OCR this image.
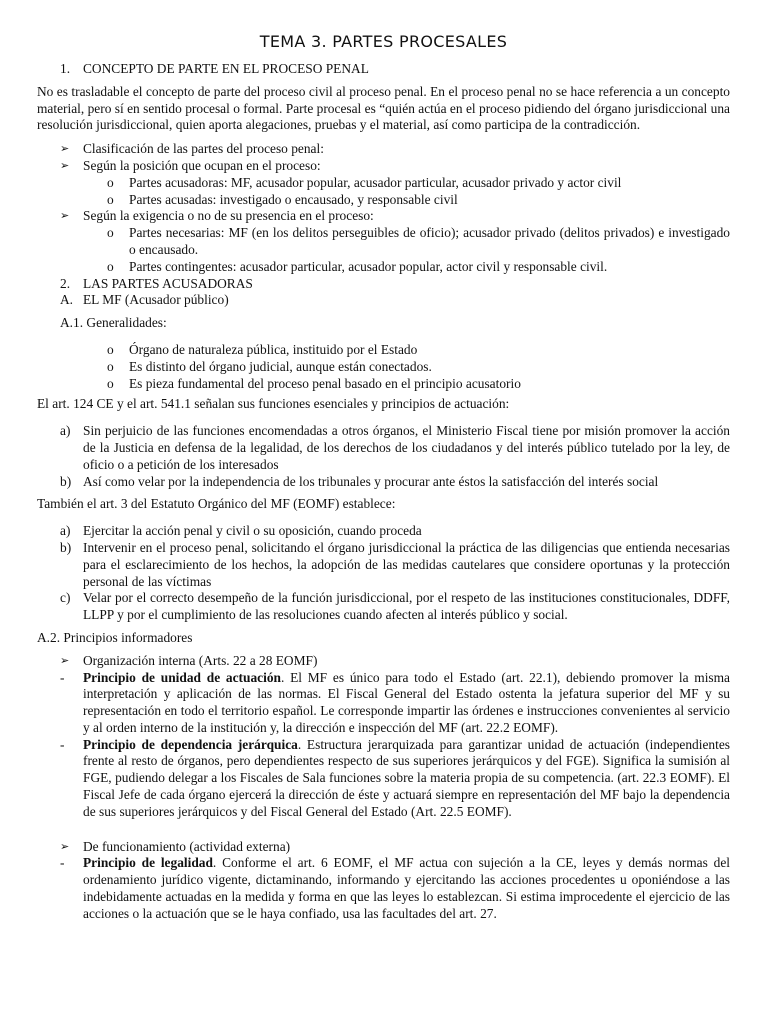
TEMA 3. PARTES PROCESALES
1. CONCEPTO DE PARTE EN EL PROCESO PENAL

No es trasladable el concepto de parte del proceso civil al proceso penal. En el proceso penal no se hace referencia a un concepto material, pero sí en sentido procesal o formal. Parte procesal es “quién actúa en el proceso pidiendo del órgano jurisdiccional una resolución jurisdiccional, quien aporta alegaciones, pruebas y el material, así como participa de la contradicción.

➢	Clasificación de las partes del proceso penal:
➢	Según la posición que ocupan en el proceso:
o	Partes acusadoras: MF, acusador popular, acusador particular, acusador privado y actor civil
o	Partes acusadas: investigado o encausado, y responsable civil
➢	Según la exigencia o no de su presencia en el proceso:
o	Partes necesarias: MF (en los delitos perseguibles de oficio); acusador privado (delitos privados) e investigado o encausado.
o	Partes contingentes: acusador particular, acusador popular, actor civil y responsable civil.
2. LAS PARTES ACUSADORAS
A. EL MF (Acusador público)

A.1. Generalidades:

o	Órgano de naturaleza pública, instituido por el Estado
o	Es distinto del órgano judicial, aunque están conectados.
o	Es pieza fundamental del proceso penal basado en el principio acusatorio

El art. 124 CE y el art. 541.1 señalan sus funciones esenciales y principios de actuación:

a) Sin perjuicio de las funciones encomendadas a otros órganos, el Ministerio Fiscal tiene por misión promover la acción de la Justicia en defensa de la legalidad, de los derechos de los ciudadanos y del interés público tutelado por la ley, de oficio o a petición de los interesados
b) Así como velar por la independencia de los tribunales y procurar ante éstos la satisfacción del interés social

También el art. 3 del Estatuto Orgánico del MF (EOMF) establece:

a) Ejercitar la acción penal y civil o su oposición, cuando proceda
b) Intervenir en el proceso penal, solicitando el órgano jurisdiccional la práctica de las diligencias que entienda necesarias para el esclarecimiento de los hechos, la adopción de las medidas cautelares que considere oportunas y la protección personal de las víctimas
c) Velar por el correcto desempeño de la función jurisdiccional, por el respeto de las instituciones constitucionales, DDFF, LLPP y por el cumplimiento de las resoluciones cuando afecten al interés público y social.

A.2. Principios informadores

➢	Organización interna (Arts. 22 a 28 EOMF)
-	Principio de unidad de actuación. El MF es único para todo el Estado (art. 22.1), debiendo promover la misma interpretación y aplicación de las normas. El Fiscal General del Estado ostenta la jefatura superior del MF y su representación en todo el territorio español. Le corresponde impartir las órdenes e instrucciones convenientes al servicio y al orden interno de la institución y, la dirección e inspección del MF (art. 22.2 EOMF).
-	Principio de dependencia jerárquica. Estructura jerarquizada para garantizar unidad de actuación (independientes frente al resto de órganos, pero dependientes respecto de sus superiores jerárquicos y del FGE). Significa la sumisión al FGE, pudiendo delegar a los Fiscales de Sala funciones sobre la materia propia de su competencia. (art. 22.3 EOMF). El Fiscal Jefe de cada órgano ejercerá la dirección de éste y actuará siempre en representación del MF bajo la dependencia de sus superiores jerárquicos y del Fiscal General del Estado (Art. 22.5 EOMF).
➢	De funcionamiento (actividad externa)
-	Principio de legalidad. Conforme el art. 6 EOMF, el MF actua con sujeción a la CE, leyes y demás normas del ordenamiento jurídico vigente, dictaminando, informando y ejercitando las acciones procedentes u oponiéndose a las indebidamente actuadas en la medida y forma en que las leyes lo establezcan. Si estima improcedente el ejercicio de las acciones o la actuación que se le haya confiado, usa las facultades del art. 27.
